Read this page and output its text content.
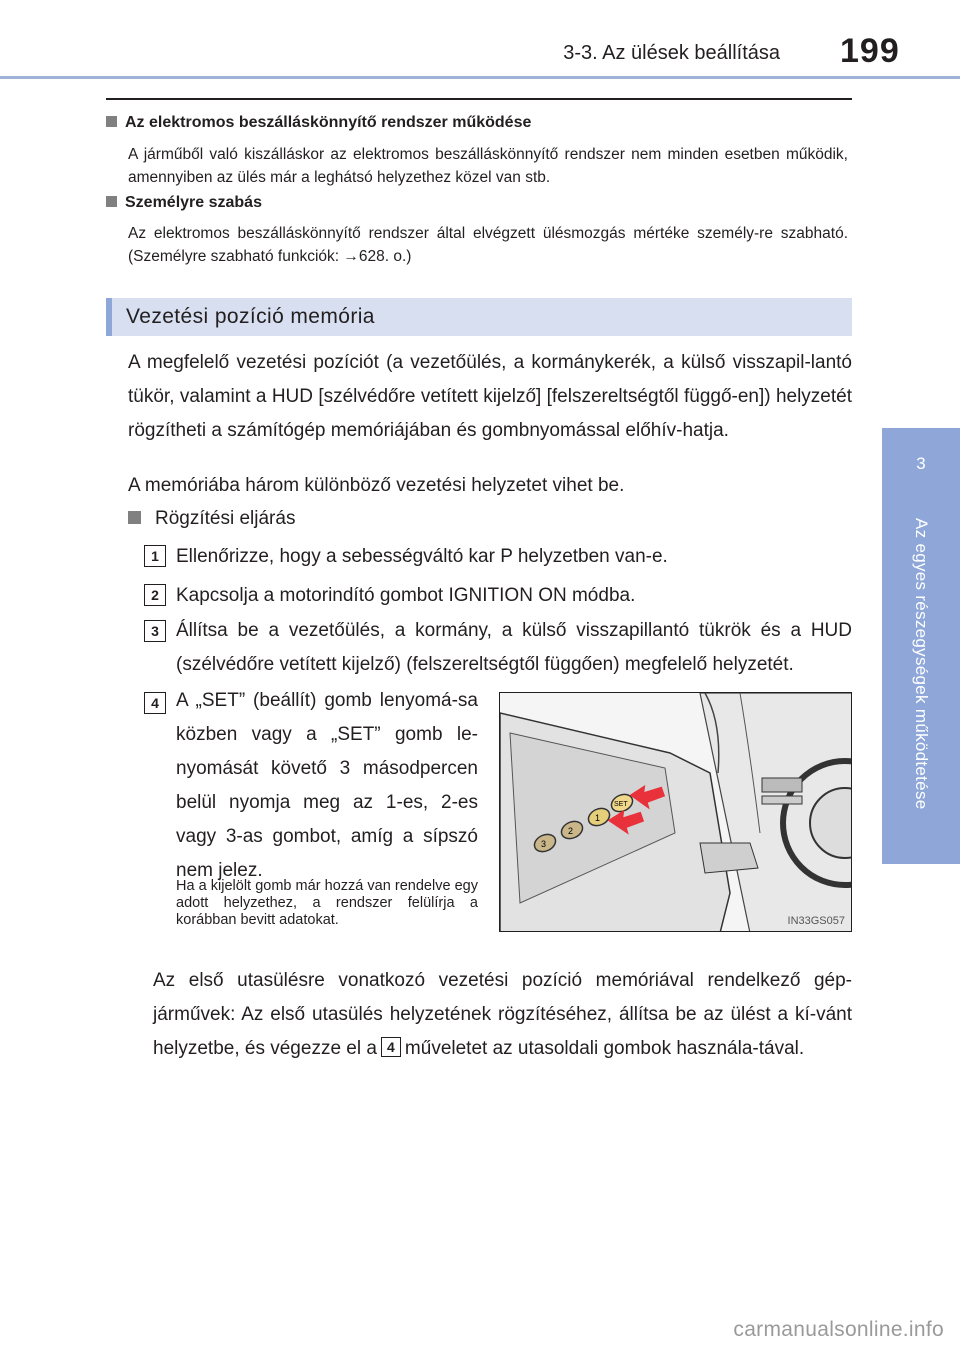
3-3. Az ülések beállítása 199
3
Az egyes részegységek működtetése
Az elektromos beszálláskönnyítő rendszer működése
A járműből való kiszálláskor az elektromos beszálláskönnyítő rendszer nem minden esetben működik, amennyiben az ülés már a leghátsó helyzethez közel van stb.
Személyre szabás
Az elektromos beszálláskönnyítő rendszer által elvégzett ülésmozgás mértéke személy-re szabható. (Személyre szabható funkciók: →628. o.)
Vezetési pozíció memória
A megfelelő vezetési pozíciót (a vezetőülés, a kormánykerék, a külső visszapil-lantó tükör, valamint a HUD [szélvédőre vetített kijelző] [felszereltségtől függő-en]) helyzetét rögzítheti a számítógép memóriájában és gombnyomással előhív-hatja.
A memóriába három különböző vezetési helyzetet vihet be.
Rögzítési eljárás
1 Ellenőrizze, hogy a sebességváltó kar P helyzetben van-e.
2 Kapcsolja a motorindító gombot IGNITION ON módba.
3 Állítsa be a vezetőülés, a kormány, a külső visszapillantó tükrök és a HUD (szélvédőre vetített kijelző) (felszereltségtől függően) megfelelő helyzetét.
4 A „SET” (beállít) gomb lenyomá-sa közben vagy a „SET” gomb le-nyomását követő 3 másodpercen belül nyomja meg az 1-es, 2-es vagy 3-as gombot, amíg a sípszó nem jelez.
Ha a kijelölt gomb már hozzá van rendelve egy adott helyzethez, a rendszer felülírja a korábban bevitt adatokat.
3
2
1
SET
IN33GS057
Az első utasülésre vonatkozó vezetési pozíció memóriával rendelkező gép-járművek: Az első utasülés helyzetének rögzítéséhez, állítsa be az ülést a kí-vánt helyzetbe, és végezze el a 4 műveletet az utasoldali gombok használa-tával.
carmanualsonline.info
